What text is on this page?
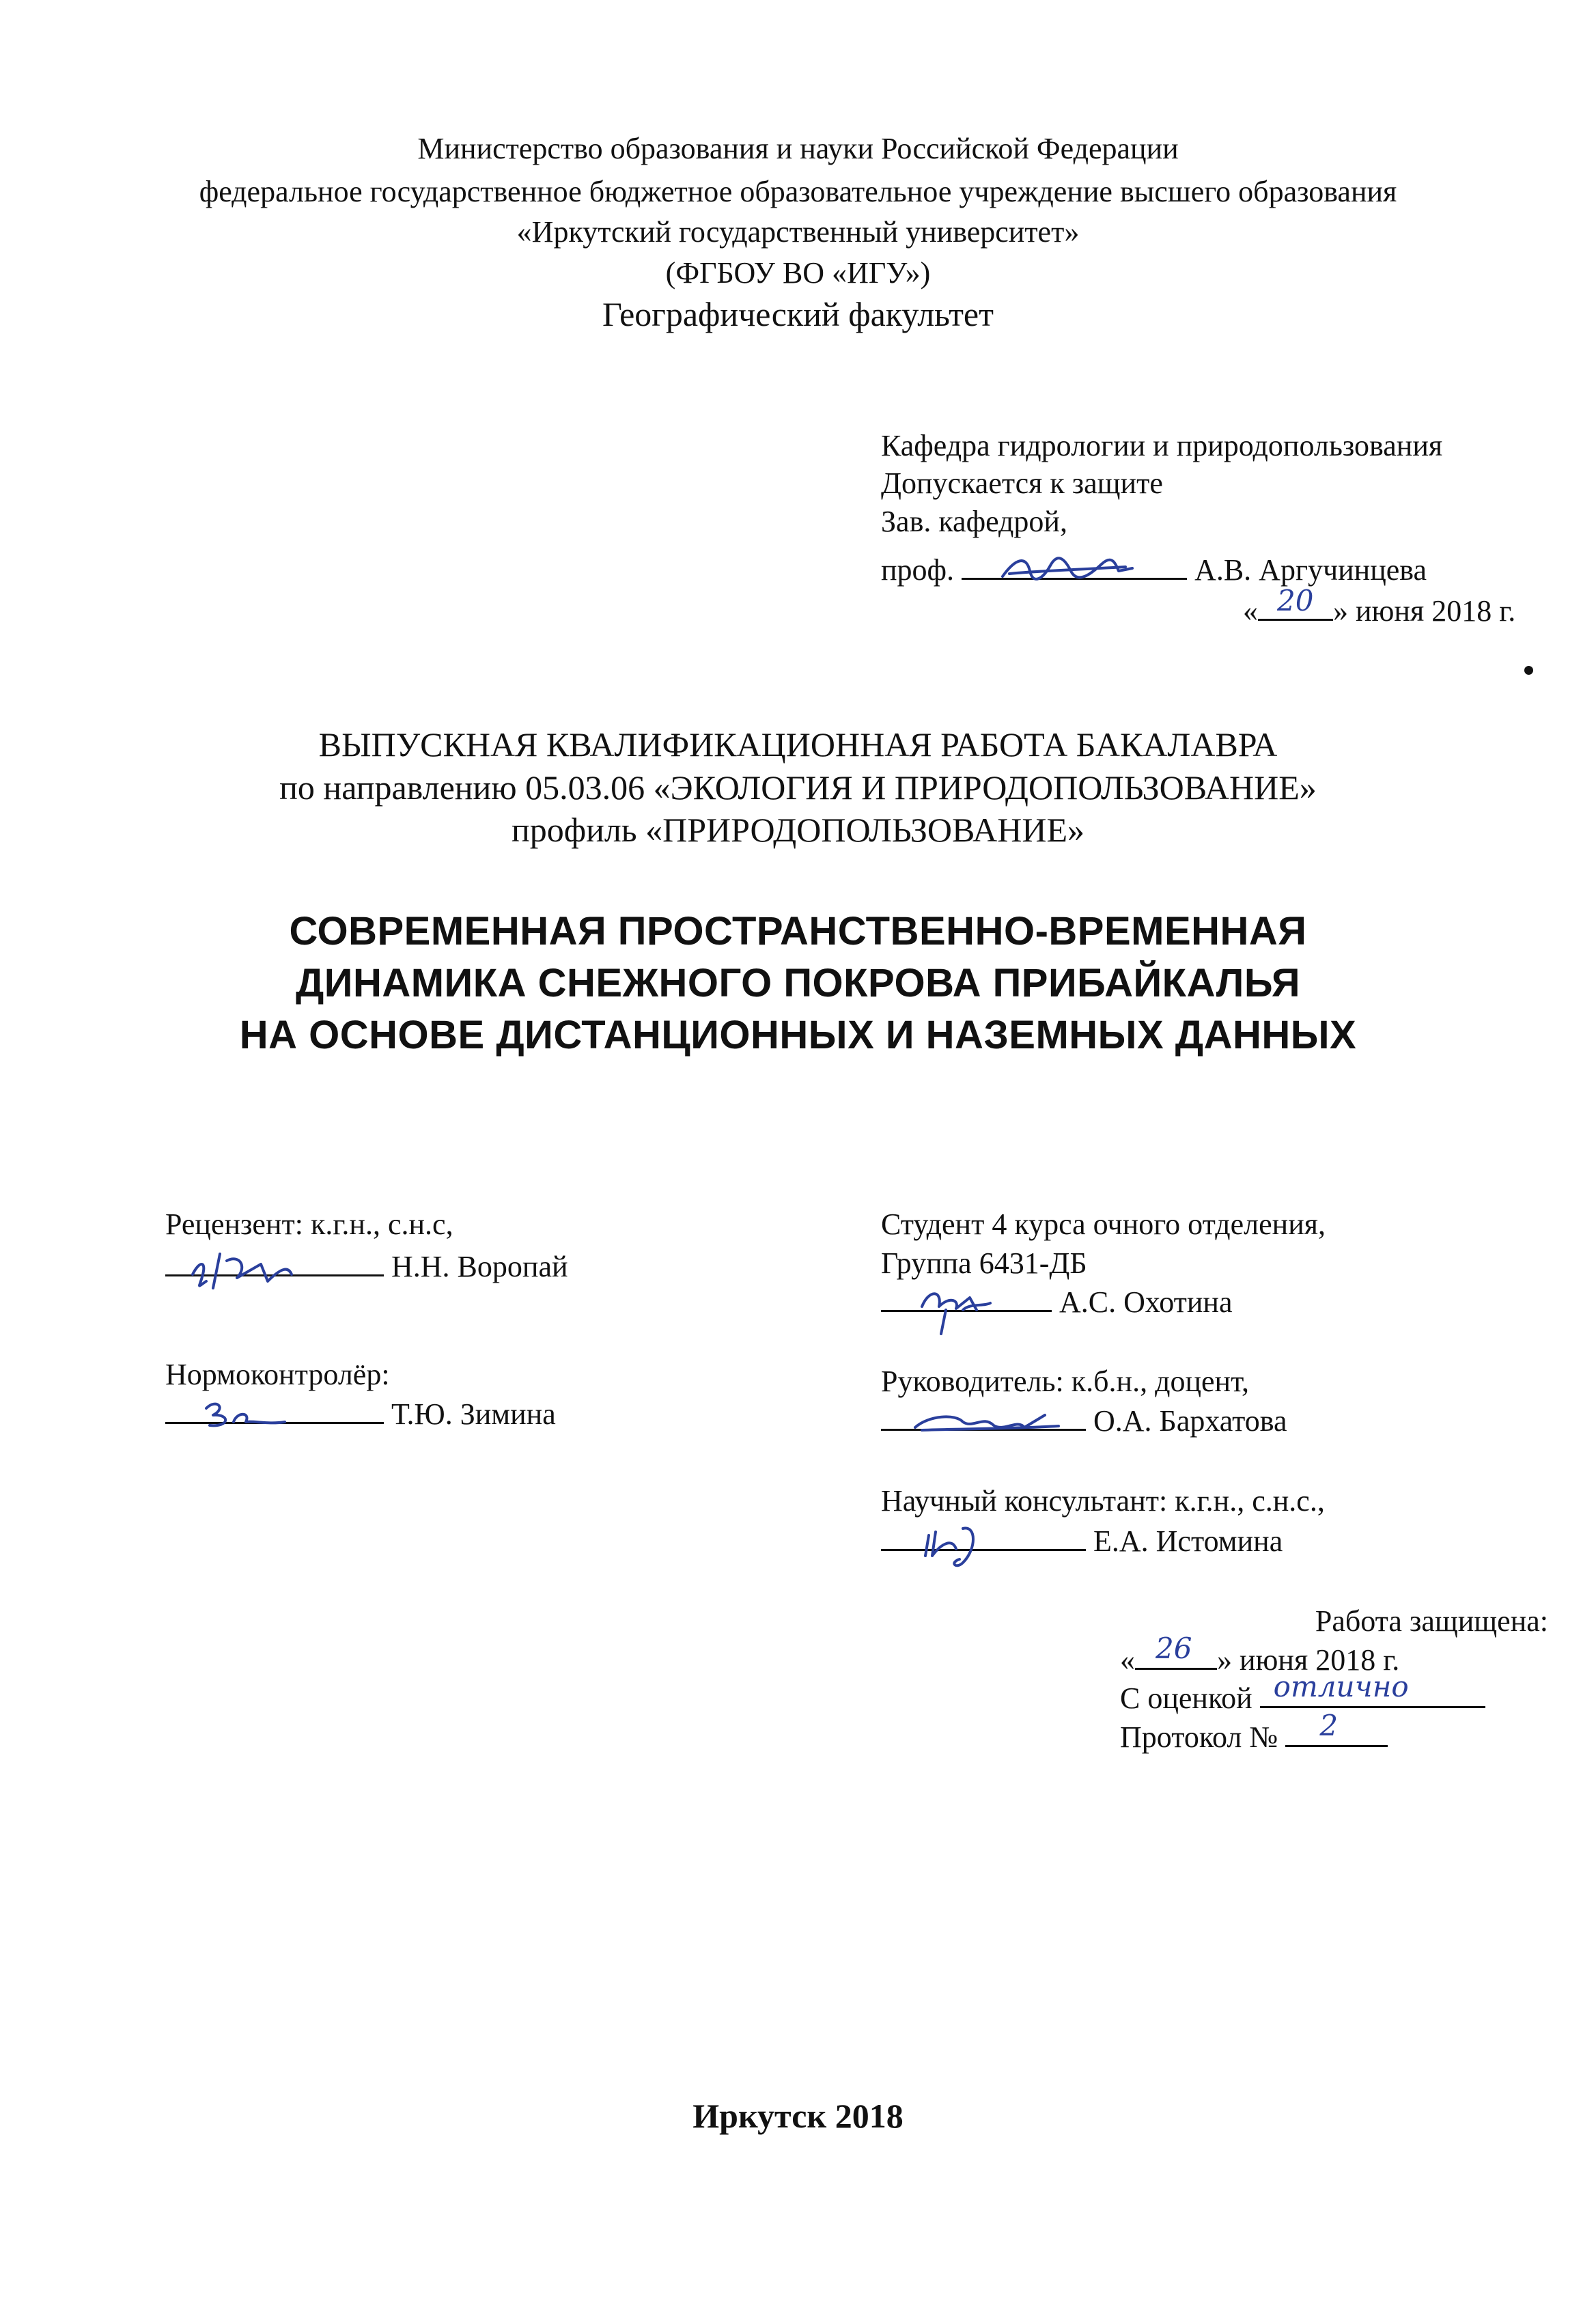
Министерство образования и науки Российской Федерации
федеральное государственное бюджетное образовательное учреждение высшего образования
«Иркутский государственный университет»
(ФГБОУ ВО «ИГУ»)
Географический факультет
Кафедра гидрологии и природопользования
Допускается к защите
Зав. кафедрой,
проф.	А.В. Аргучинцева
« 20 » июня 2018 г.
ВЫПУСКНАЯ КВАЛИФИКАЦИОННАЯ РАБОТА БАКАЛАВРА
по направлению 05.03.06 «ЭКОЛОГИЯ И ПРИРОДОПОЛЬЗОВАНИЕ»
профиль «ПРИРОДОПОЛЬЗОВАНИЕ»
СОВРЕМЕННАЯ ПРОСТРАНСТВЕННО-ВРЕМЕННАЯ
ДИНАМИКА СНЕЖНОГО ПОКРОВА ПРИБАЙКАЛЬЯ
НА ОСНОВЕ ДИСТАНЦИОННЫХ И НАЗЕМНЫХ ДАННЫХ
Рецензент: к.г.н., с.н.с,
Н.Н. Воропай
Нормоконтролёр:
Т.Ю. Зимина
Студент 4 курса очного отделения,
Группа 6431-ДБ
А.С. Охотина
Руководитель: к.б.н., доцент,
О.А. Бархатова
Научный консультант: к.г.н., с.н.с.,
Е.А. Истомина
Работа защищена:
« 26 » июня 2018 г.
С оценкой отлично
Протокол № 2
Иркутск 2018
